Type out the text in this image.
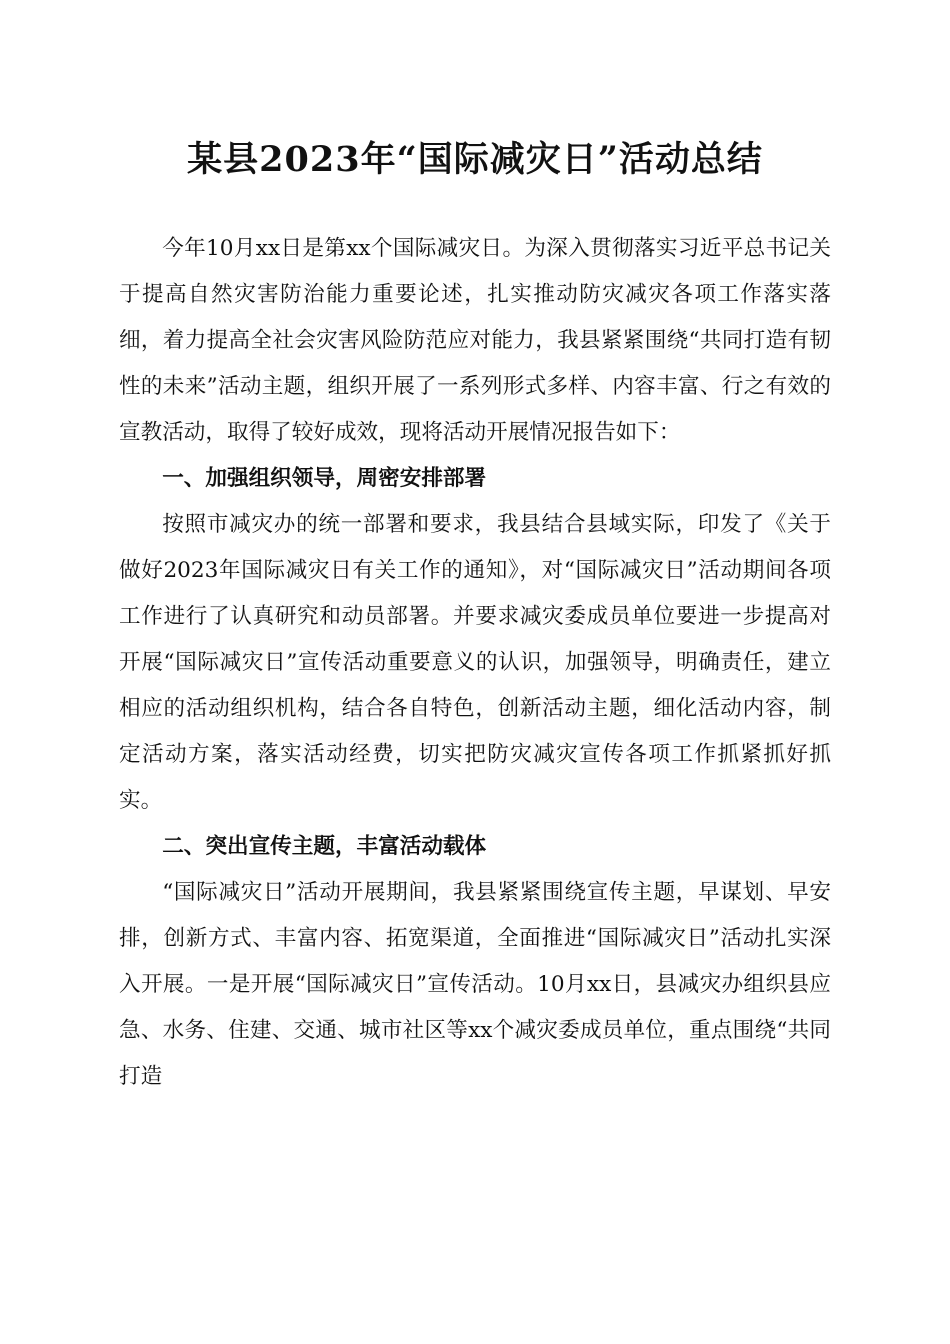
某县2023年“国际减灾日”活动总结

今年10月xx日是第xx个国际减灾日。为深入贯彻落实习近平总书记关于提高自然灾害防治能力重要论述，扎实推动防灾减灾各项工作落实落细，着力提高全社会灾害风险防范应对能力，我县紧紧围绕“共同打造有韧性的未来”活动主题，组织开展了一系列形式多样、内容丰富、行之有效的宣教活动，取得了较好成效，现将活动开展情况报告如下：

一、加强组织领导，周密安排部署

按照市减灾办的统一部署和要求，我县结合县域实际，印发了《关于做好2023年国际减灾日有关工作的通知》，对“国际减灾日”活动期间各项工作进行了认真研究和动员部署。并要求减灾委成员单位要进一步提高对开展“国际减灾日”宣传活动重要意义的认识，加强领导，明确责任，建立相应的活动组织机构，结合各自特色，创新活动主题，细化活动内容，制定活动方案，落实活动经费，切实把防灾减灾宣传各项工作抓紧抓好抓实。

二、突出宣传主题，丰富活动载体

“国际减灾日”活动开展期间，我县紧紧围绕宣传主题，早谋划、早安排，创新方式、丰富内容、拓宽渠道，全面推进“国际减灾日”活动扎实深入开展。一是开展“国际减灾日”宣传活动。10月xx日，县减灾办组织县应急、水务、住建、交通、城市社区等xx个减灾委成员单位，重点围绕“共同打造
